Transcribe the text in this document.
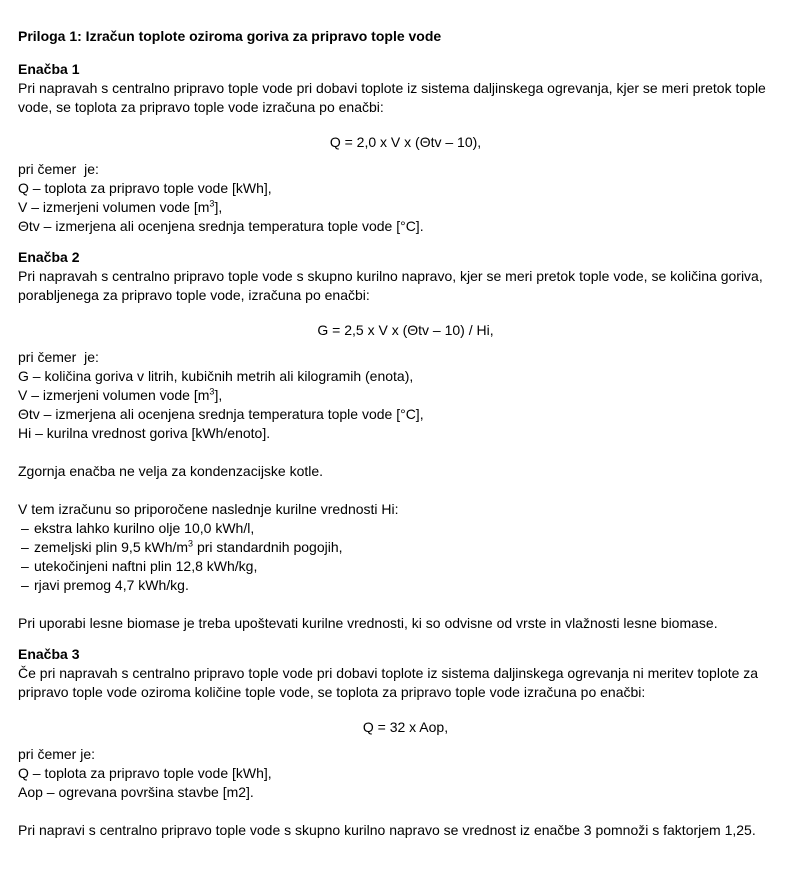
Priloga 1: Izračun toplote oziroma goriva za pripravo tople vode

Enačba 1

Pri napravah s centralno pripravo tople vode pri dobavi toplote iz sistema daljinskega ogrevanja, kjer se meri pretok tople vode, se toplota za pripravo tople vode izračuna po enačbi:

Q = 2,0 x V x (Θtv – 10),

pri čemer  je:

Q – toplota za pripravo tople vode [kWh],

V – izmerjeni volumen vode $[m^3]$,

Θtv – izmerjena ali ocenjena srednja temperatura tople vode [°C].

Enačba 2

Pri napravah s centralno pripravo tople vode s skupno kurilno napravo, kjer se meri pretok tople vode, se količina goriva, porabljenega za pripravo tople vode, izračuna po enačbi:

G = 2,5 x V x (Θtv – 10) / Hi,

pri čemer  je:

G – količina goriva v litrih, kubičnih metrih ali kilogramih (enota),

V – izmerjeni volumen vode $[m^3]$,

Θtv – izmerjena ali ocenjena srednja temperatura tople vode [°C],

Hi – kurilna vrednost goriva [kWh/enoto].

Zgornja enačba ne velja za kondenzacijske kotle.

V tem izračunu so priporočene naslednje kurilne vrednosti Hi:

– ekstra lahko kurilno olje 10,0 kWh/l,
– zemeljski plin 9,5 kWh/$m^3$ pri standardnih pogojih,
– utekočinjeni naftni plin 12,8 kWh/kg,
– rjavi premog 4,7 kWh/kg.

Pri uporabi lesne biomase je treba upoštevati kurilne vrednosti, ki so odvisne od vrste in vlažnosti lesne biomase.

Enačba 3

Če pri napravah s centralno pripravo tople vode pri dobavi toplote iz sistema daljinskega ogrevanja ni meritev toplote za pripravo tople vode oziroma količine tople vode, se toplota za pripravo tople vode izračuna po enačbi:

Q = 32 x Aop,

pri čemer je:

Q – toplota za pripravo tople vode [kWh],

Aop – ogrevana površina stavbe [m2].

Pri napravi s centralno pripravo tople vode s skupno kurilno napravo se vrednost iz enačbe 3 pomnoži s faktorjem 1,25.
